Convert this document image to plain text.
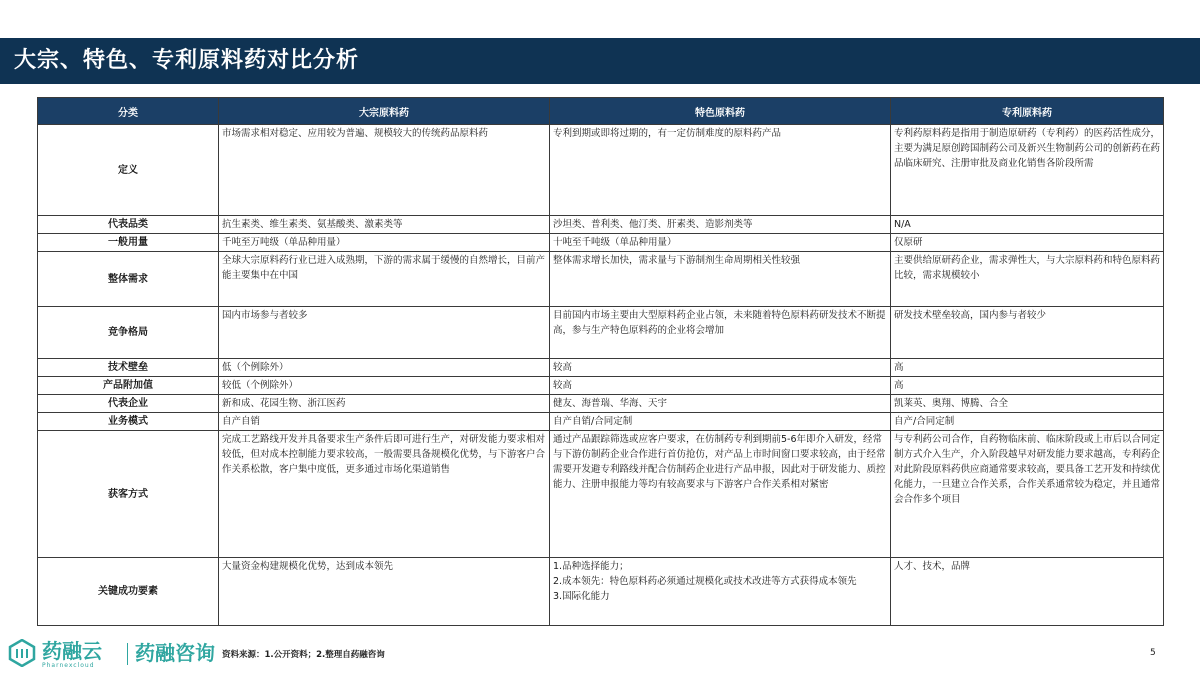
大宗、特色、专利原料药对比分析
分类	大宗原料药	特色原料药	专利原料药
定义	市场需求相对稳定、应用较为普遍、规模较大的传统药品原料药	专利到期或即将过期的，有一定仿制难度的原料药产品	专利药原料药是指用于制造原研药（专利药）的医药活性成分，主要为满足原创跨国制药公司及新兴生物制药公司的创新药在药品临床研究、注册审批及商业化销售各阶段所需
代表品类	抗生素类、维生素类、氨基酸类、激素类等	沙坦类、普利类、他汀类、肝素类、造影剂类等	N/A
一般用量	千吨至万吨级（单品种用量）	十吨至千吨级（单品种用量）	仅原研
整体需求	全球大宗原料药行业已进入成熟期，下游的需求属于缓慢的自然增长，目前产能主要集中在中国	整体需求增长加快，需求量与下游制剂生命周期相关性较强	主要供给原研药企业，需求弹性大，与大宗原料药和特色原料药比较，需求规模较小
竞争格局	国内市场参与者较多	目前国内市场主要由大型原料药企业占领，未来随着特色原料药研发技术不断提高，参与生产特色原料药的企业将会增加	研发技术壁垒较高，国内参与者较少
技术壁垒	低（个例除外）	较高	高
产品附加值	较低（个例除外）	较高	高
代表企业	新和成、花园生物、浙江医药	健友、海普瑞、华海、天宇	凯莱英、奥翔、博腾、合全
业务模式	自产自销	自产自销/合同定制	自产/合同定制
获客方式	完成工艺路线开发并具备要求生产条件后即可进行生产，对研发能力要求相对较低，但对成本控制能力要求较高，一般需要具备规模化优势，与下游客户合作关系松散，客户集中度低，更多通过市场化渠道销售	通过产品跟踪筛选或应客户要求，在仿制药专利到期前5-6年即介入研发，经常与下游仿制药企业合作进行首仿抢仿，对产品上市时间窗口要求较高，由于经常需要开发避专利路线并配合仿制药企业进行产品申报，因此对于研发能力、质控能力、注册申报能力等均有较高要求与下游客户合作关系相对紧密	与专利药公司合作，自药物临床前、临床阶段或上市后以合同定制方式介入生产，介入阶段越早对研发能力要求越高，专利药企对此阶段原料药供应商通常要求较高，要具备工艺开发和持续优化能力，一旦建立合作关系，合作关系通常较为稳定，并且通常会合作多个项目
关键成功要素	大量资金构建规模化优势，达到成本领先	1.品种选择能力；
2.成本领先：特色原料药必须通过规模化或技术改进等方式获得成本领先
3.国际化能力	人才、技术，品牌
药融云
Pharnexcloud
药融咨询 资料来源：1.公开资料；2.整理自药融咨询	5
